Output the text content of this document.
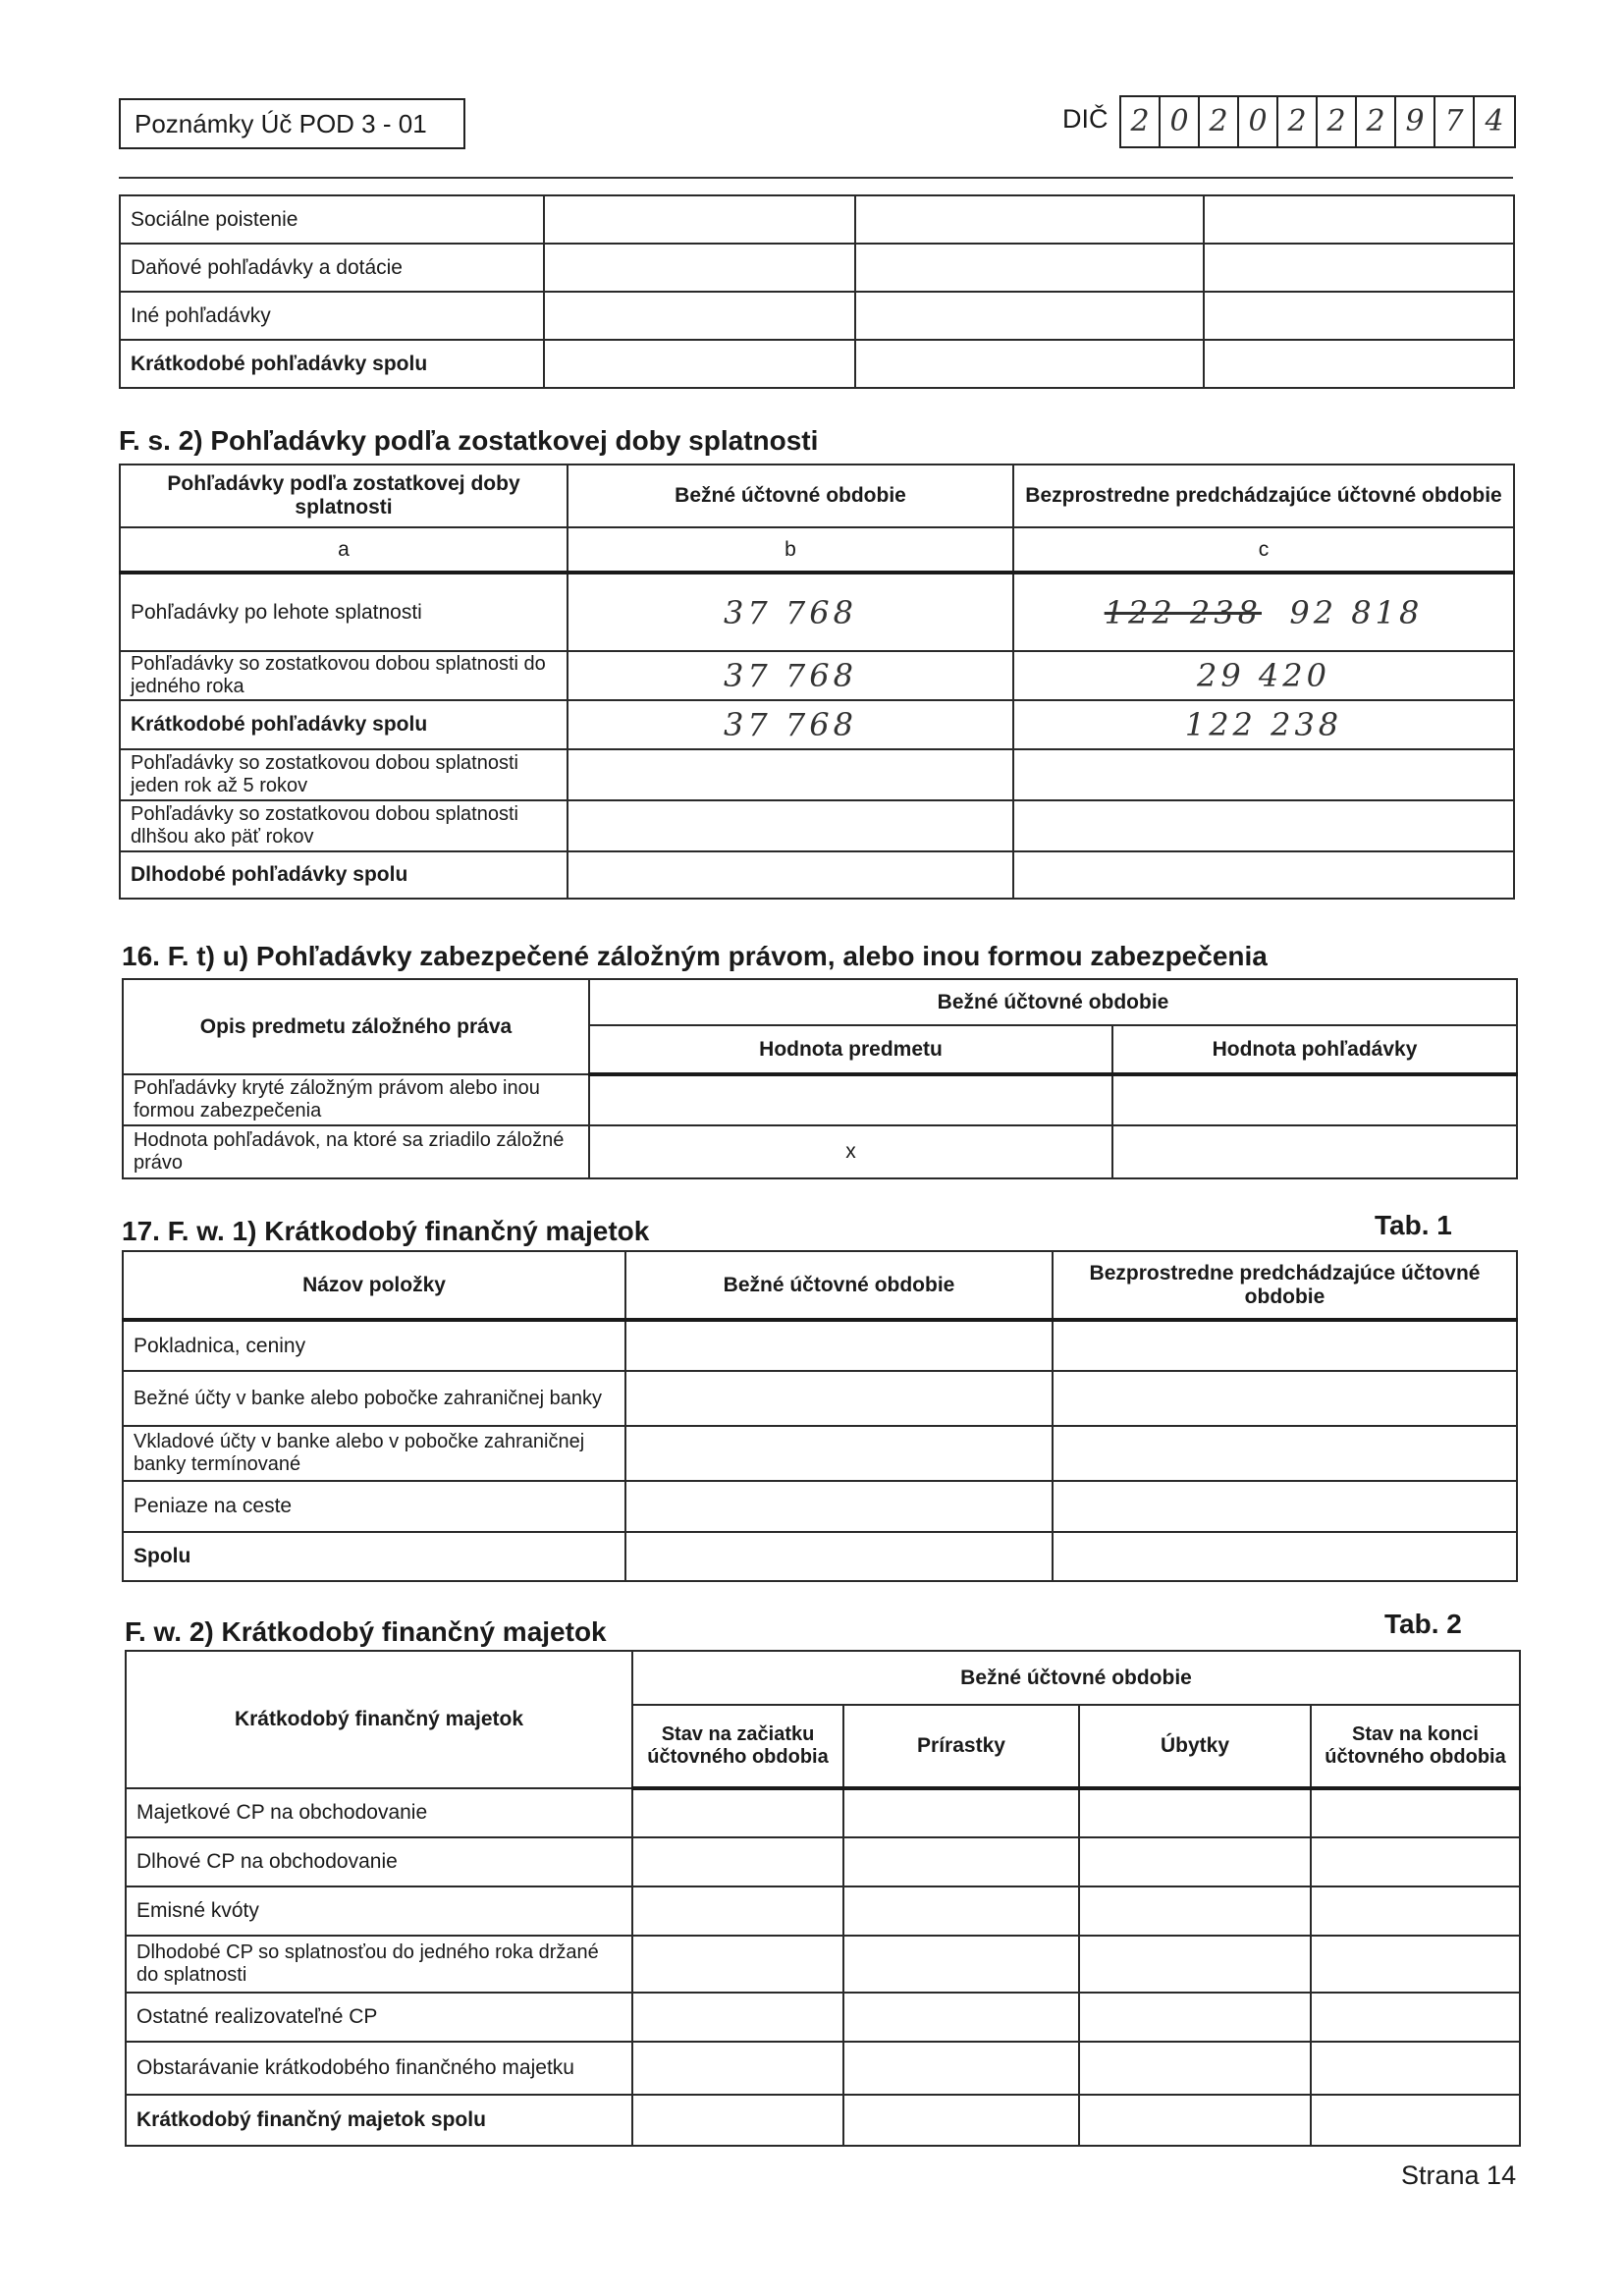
Poznámky Úč POD 3 - 01	DIČ 2 0 2 0 2 2 2 9 7 4
Sociálne poistenie			
Daňové pohľadávky a dotácie			
Iné pohľadávky			
Krátkodobé pohľadávky spolu			
F. s. 2) Pohľadávky podľa zostatkovej doby splatnosti
Pohľadávky podľa zostatkovej doby splatnosti	Bežné účtovné obdobie	Bezprostredne predchádzajúce účtovné obdobie
a	b	c
Pohľadávky po lehote splatnosti	37 768	122 238 92 818
Pohľadávky so zostatkovou dobou splatnosti do jedného roka	37 768	29 420
Krátkodobé pohľadávky spolu	37 768	122 238
Pohľadávky so zostatkovou dobou splatnosti jeden rok až 5 rokov		
Pohľadávky so zostatkovou dobou splatnosti dlhšou ako päť rokov		
Dlhodobé pohľadávky spolu		
16. F. t) u) Pohľadávky zabezpečené záložným právom, alebo inou formou zabezpečenia
Opis predmetu záložného práva	Bežné účtovné obdobie	
	Hodnota predmetu	Hodnota pohľadávky
Pohľadávky kryté záložným právom alebo inou formou zabezpečenia		
Hodnota pohľadávok, na ktoré sa zriadilo záložné právo	x	
17. F. w. 1) Krátkodobý finančný majetok	Tab. 1
Názov položky	Bežné účtovné obdobie	Bezprostredne predchádzajúce účtovné obdobie
Pokladnica, ceniny		
Bežné účty v banke alebo pobočke zahraničnej banky		
Vkladové účty v banke alebo v pobočke zahraničnej banky termínované		
Peniaze na ceste		
Spolu		
F. w. 2) Krátkodobý finančný majetok	Tab. 2
Krátkodobý finančný majetok	Bežné účtovné obdobie			
	Stav na začiatku účtovného obdobia	Prírastky	Úbytky	Stav na konci účtovného obdobia
Majetkové CP na obchodovanie				
Dlhové CP na obchodovanie				
Emisné kvóty				
Dlhodobé CP so splatnosťou do jedného roka držané do splatnosti				
Ostatné realizovateľné CP				
Obstarávanie krátkodobého finančného majetku				
Krátkodobý finančný majetok spolu				
Strana 14
